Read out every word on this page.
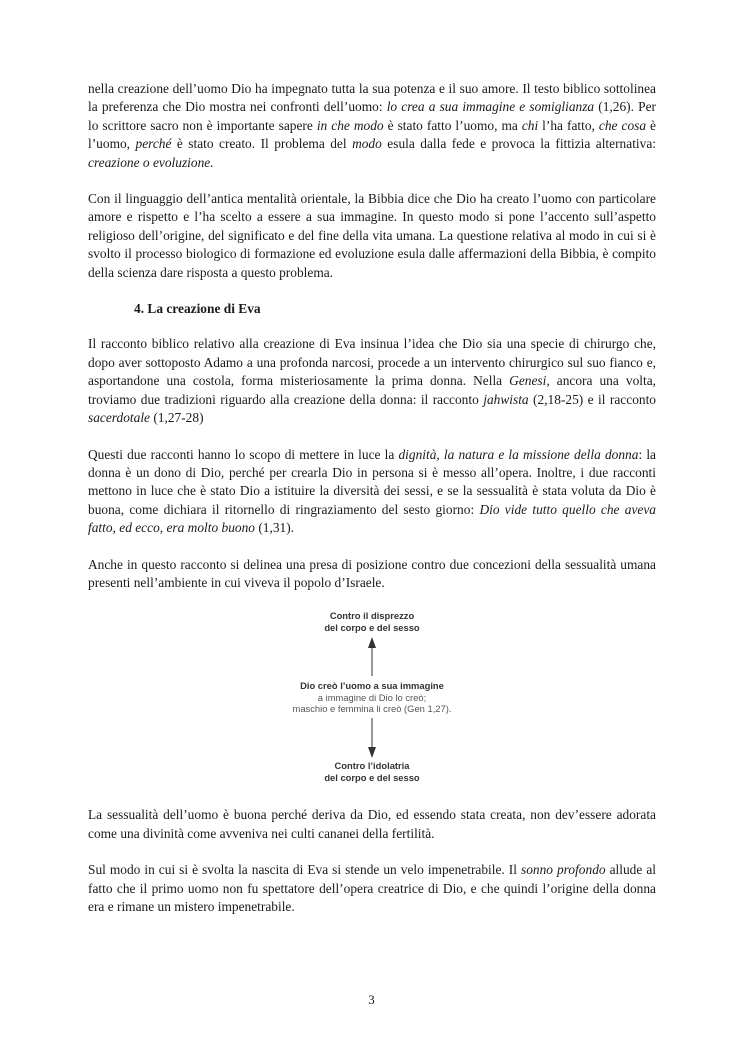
nella creazione dell’uomo Dio ha impegnato tutta la sua potenza e il suo amore. Il testo biblico sottolinea la preferenza che Dio mostra nei confronti dell’uomo: lo crea a sua immagine e somiglianza (1,26). Per lo scrittore sacro non è importante sapere in che modo è stato fatto l’uomo, ma chi l’ha fatto, che cosa è l’uomo, perché è stato creato. Il problema del modo esula dalla fede e provoca la fittizia alternativa: creazione o evoluzione.

Con il linguaggio dell’antica mentalità orientale, la Bibbia dice che Dio ha creato l’uomo con particolare amore e rispetto e l’ha scelto a essere a sua immagine. In questo modo si pone l’accento sull’aspetto religioso dell’origine, del significato e del fine della vita umana. La questione relativa al modo in cui si è svolto il processo biologico di formazione ed evoluzione esula dalle affermazioni della Bibbia, è compito della scienza dare risposta a questo problema.

4. La creazione di Eva

Il racconto biblico relativo alla creazione di Eva insinua l’idea che Dio sia una specie di chirurgo che, dopo aver sottoposto Adamo a una profonda narcosi, procede a un intervento chirurgico sul suo fianco e, asportandone una costola, forma misteriosamente la prima donna. Nella Genesi, ancora una volta, troviamo due tradizioni riguardo alla creazione della donna: il racconto jahwista (2,18-25) e il racconto sacerdotale (1,27-28)

Questi due racconti hanno lo scopo di mettere in luce la dignità, la natura e la missione della donna: la donna è un dono di Dio, perché per crearla Dio in persona si è messo all’opera. Inoltre, i due racconti mettono in luce che è stato Dio a istituire la diversità dei sessi, e se la sessualità è stata voluta da Dio è buona, come dichiara il ritornello di ringraziamento del sesto giorno: Dio vide tutto quello che aveva fatto, ed ecco, era molto buono (1,31).

Anche in questo racconto si delinea una presa di posizione contro due concezioni della sessualità umana presenti nell’ambiente in cui viveva il popolo d’Israele.

Contro il disprezzo
del corpo e del sesso
Dio creò l’uomo a sua immagine
a immagine di Dio lo creò;
maschio e femmina li creò (Gen 1,27).
Contro l’idolatria
del corpo e del sesso

La sessualità dell’uomo è buona perché deriva da Dio, ed essendo stata creata, non dev’essere adorata come una divinità come avveniva nei culti cananei della fertilità.

Sul modo in cui si è svolta la nascita di Eva si stende un velo impenetrabile. Il sonno profondo allude al fatto che il primo uomo non fu spettatore dell’opera creatrice di Dio, e che quindi l’origine della donna era e rimane un mistero impenetrabile.

3
